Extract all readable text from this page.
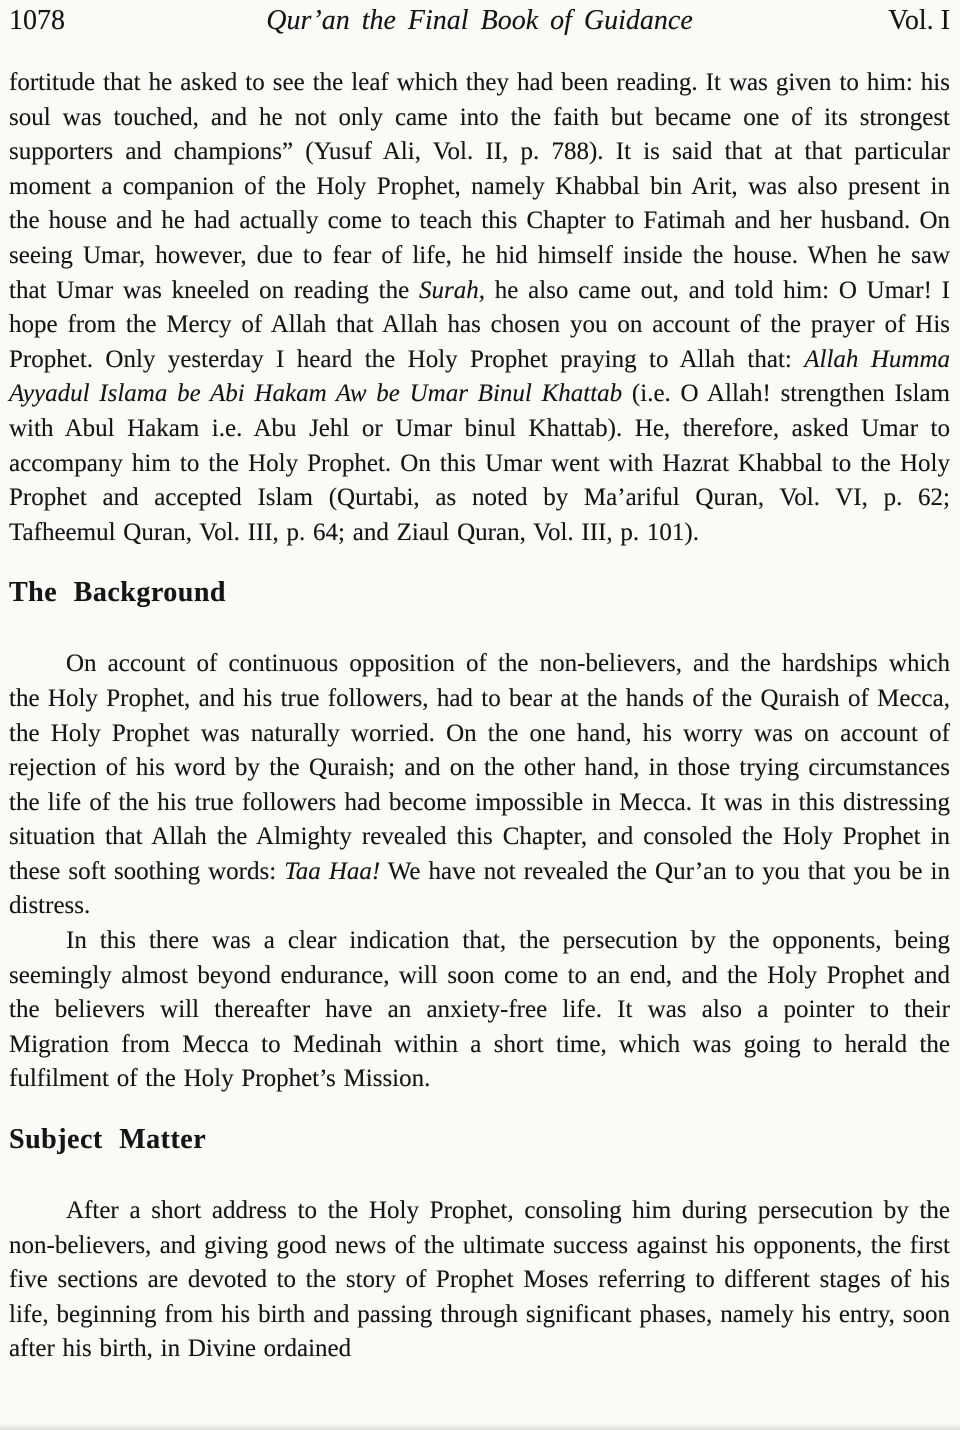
1078	Qur’an the Final Book of Guidance	Vol. I

fortitude that he asked to see the leaf which they had been reading. It was given to him: his soul was touched, and he not only came into the faith but became one of its strongest supporters and champions” (Yusuf Ali, Vol. II, p. 788). It is said that at that particular moment a companion of the Holy Prophet, namely Khabbal bin Arit, was also present in the house and he had actually come to teach this Chapter to Fatimah and her husband. On seeing Umar, however, due to fear of life, he hid himself inside the house. When he saw that Umar was kneeled on reading the Surah, he also came out, and told him: O Umar! I hope from the Mercy of Allah that Allah has chosen you on account of the prayer of His Prophet. Only yesterday I heard the Holy Prophet praying to Allah that: Allah Humma Ayyadul Islama be Abi Hakam Aw be Umar Binul Khattab (i.e. O Allah! strengthen Islam with Abul Hakam i.e. Abu Jehl or Umar binul Khattab). He, therefore, asked Umar to accompany him to the Holy Prophet. On this Umar went with Hazrat Khabbal to the Holy Prophet and accepted Islam (Qurtabi, as noted by Ma’ariful Quran, Vol. VI, p. 62; Tafheemul Quran, Vol. III, p. 64; and Ziaul Quran, Vol. III, p. 101).

The Background

On account of continuous opposition of the non-believers, and the hardships which the Holy Prophet, and his true followers, had to bear at the hands of the Quraish of Mecca, the Holy Prophet was naturally worried. On the one hand, his worry was on account of rejection of his word by the Quraish; and on the other hand, in those trying circumstances the life of the his true followers had become impossible in Mecca. It was in this distressing situation that Allah the Almighty revealed this Chapter, and consoled the Holy Prophet in these soft soothing words: Taa Haa! We have not revealed the Qur’an to you that you be in distress.

In this there was a clear indication that, the persecution by the opponents, being seemingly almost beyond endurance, will soon come to an end, and the Holy Prophet and the believers will thereafter have an anxiety-free life. It was also a pointer to their Migration from Mecca to Medinah within a short time, which was going to herald the fulfilment of the Holy Prophet’s Mission.

Subject Matter

After a short address to the Holy Prophet, consoling him during persecution by the non-believers, and giving good news of the ultimate success against his opponents, the first five sections are devoted to the story of Prophet Moses referring to different stages of his life, beginning from his birth and passing through significant phases, namely his entry, soon after his birth, in Divine ordained
